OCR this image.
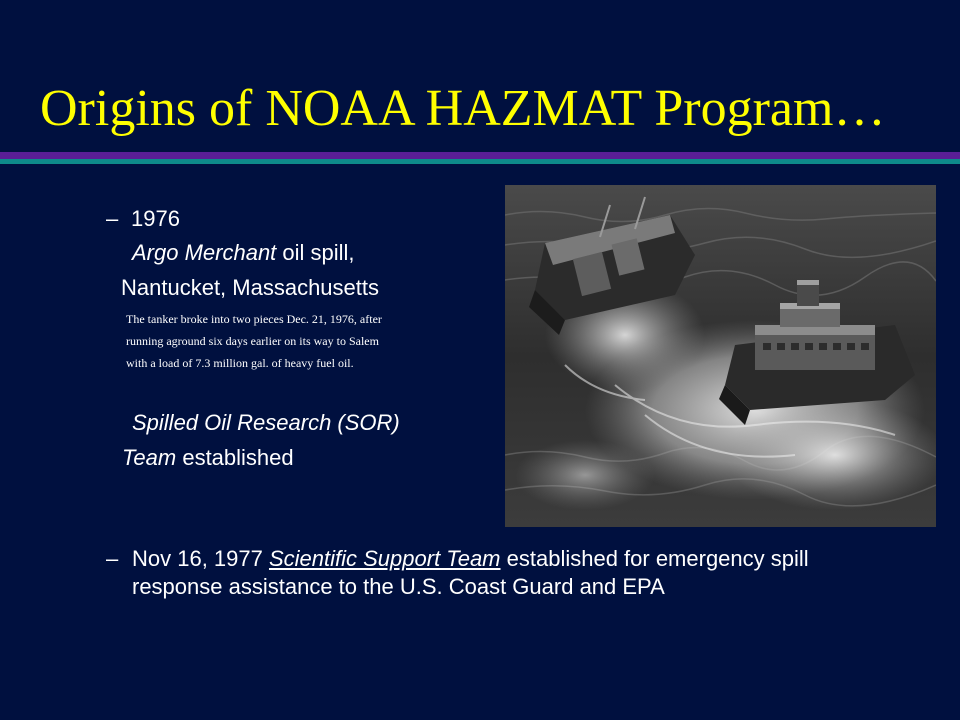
Origins of NOAA HAZMAT Program…
– 1976
Argo Merchant oil spill,
Nantucket, Massachusetts
The tanker broke into two pieces Dec. 21, 1976, after
running aground six days earlier on its way to Salem
with a load of 7.3 million gal. of heavy fuel oil.
Spilled Oil Research (SOR)
Team established
– Nov 16, 1977 Scientific Support Team established for emergency spill response assistance to the U.S. Coast Guard and EPA
